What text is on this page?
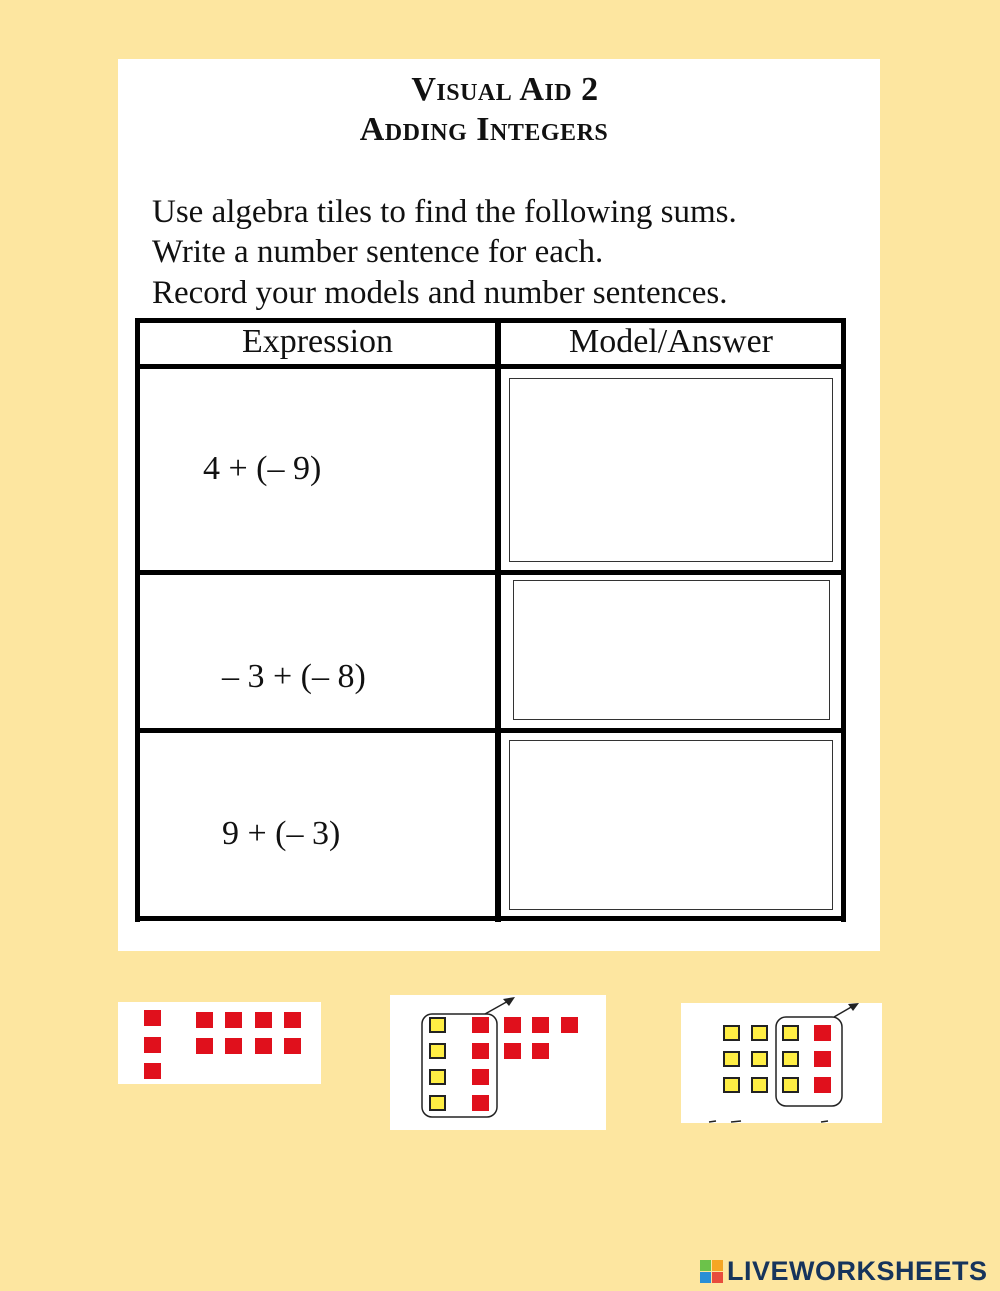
Visual Aid 2
Adding Integers
Use algebra tiles to find the following sums.
Write a number sentence for each.
Record your models and number sentences.
Expression	Model/Answer
4 + (– 9)
– 3 + (– 8)
9 + (– 3)
LIVEWORKSHEETS
